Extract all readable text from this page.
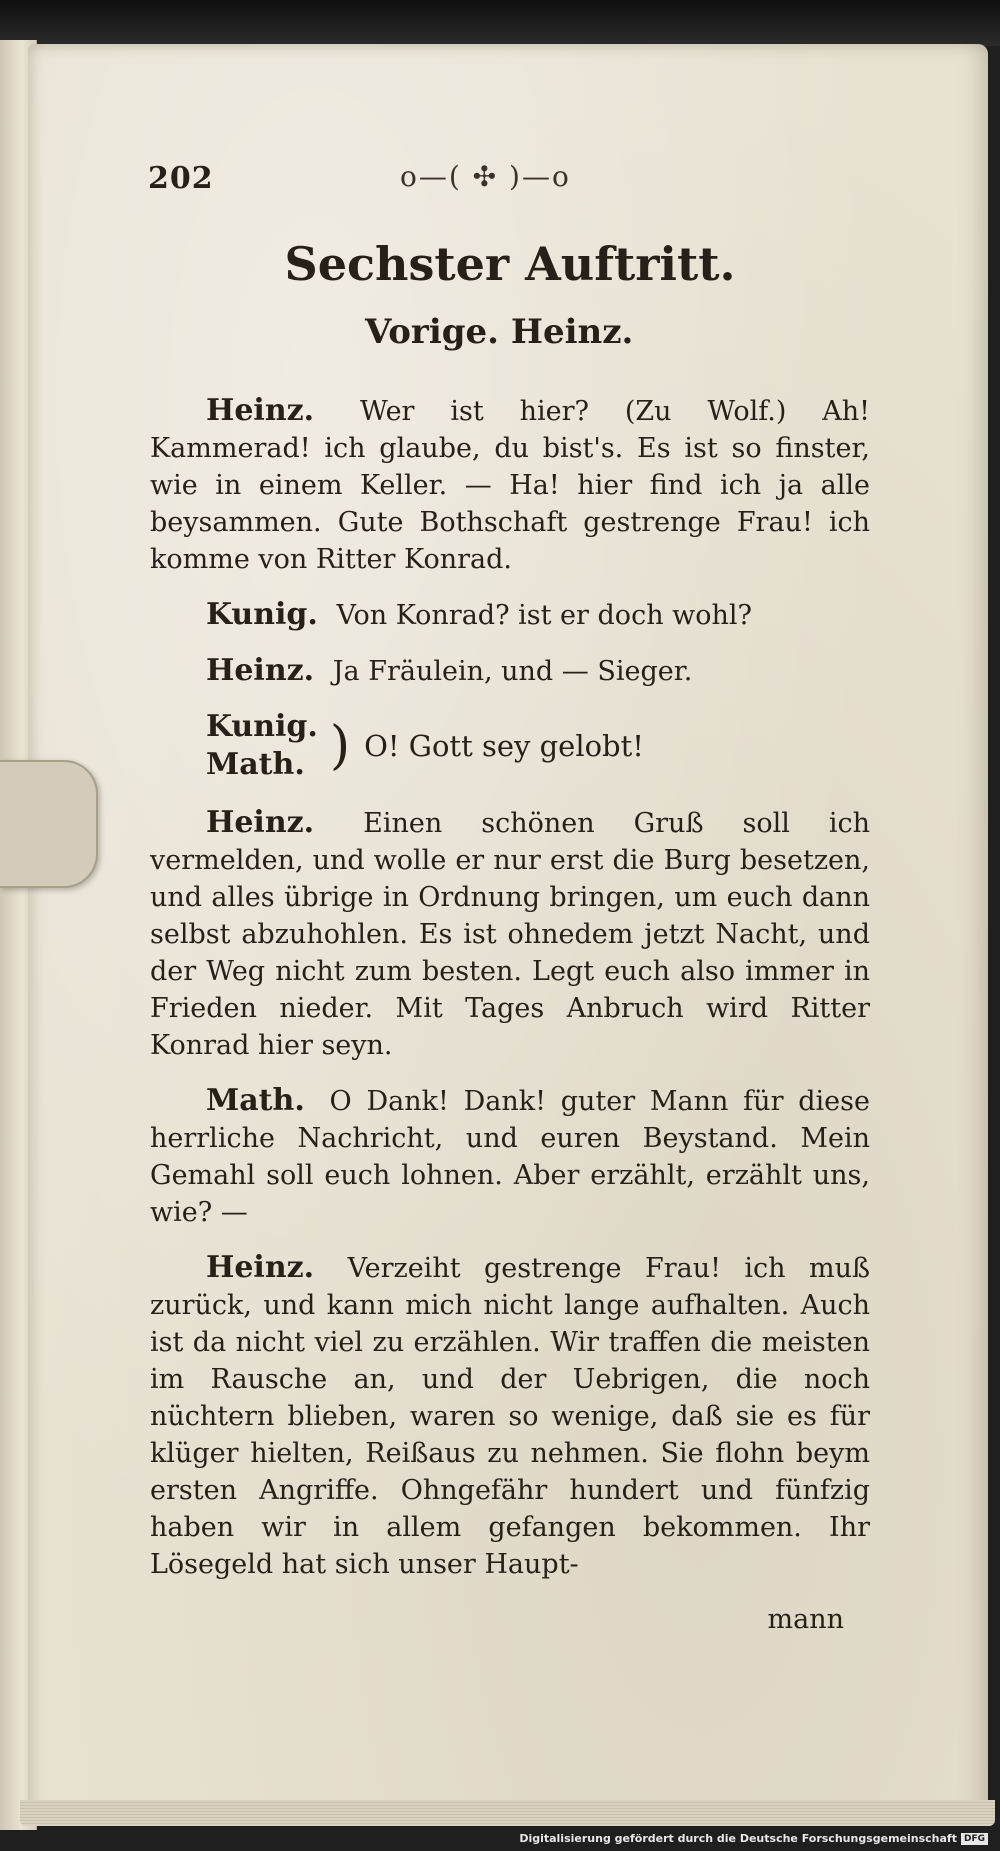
202	o—( ✣ )—o
Sechster Auftritt.
Vorige. Heinz.

Heinz. Wer ist hier? (Zu Wolf.) Ah! Kammerad! ich glaube, du bist's. Es ist so finster, wie in einem Keller. — Ha! hier find ich ja alle beysammen. Gute Bothschaft gestrenge Frau! ich komme von Ritter Konrad.

Kunig. Von Konrad? ist er doch wohl?

Heinz. Ja Fräulein, und — Sieger.

Kunig.
Math. ) O! Gott sey gelobt!

Heinz. Einen schönen Gruß soll ich vermelden, und wolle er nur erst die Burg besetzen, und alles übrige in Ordnung bringen, um euch dann selbst abzuhohlen. Es ist ohnedem jetzt Nacht, und der Weg nicht zum besten. Legt euch also immer in Frieden nieder. Mit Tages Anbruch wird Ritter Konrad hier seyn.

Math. O Dank! Dank! guter Mann für diese herrliche Nachricht, und euren Beystand. Mein Gemahl soll euch lohnen. Aber erzählt, erzählt uns, wie? —

Heinz. Verzeiht gestrenge Frau! ich muß zurück, und kann mich nicht lange aufhalten. Auch ist da nicht viel zu erzählen. Wir traffen die meisten im Rausche an, und der Uebrigen, die noch nüchtern blieben, waren so wenige, daß sie es für klüger hielten, Reißaus zu nehmen. Sie flohn beym ersten Angriffe. Ohngefähr hundert und fünfzig haben wir in allem gefangen bekommen. Ihr Lösegeld hat sich unser Haupt-

mann
Digitalisierung gefördert durch die Deutsche Forschungsgemeinschaft DFG
